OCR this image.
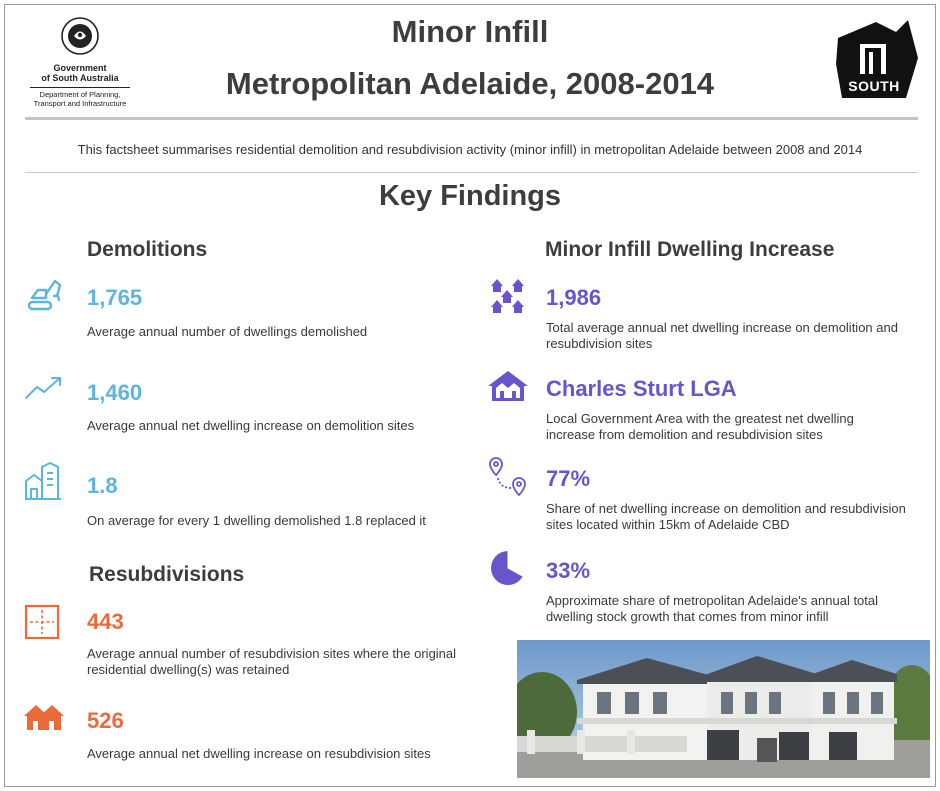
Government
of South Australia
Department of Planning,
Transport and Infrastructure
Minor Infill
Metropolitan Adelaide, 2008-2014	SOUTH
AUSTRALIA
This factsheet summarises residential demolition and resubdivision activity (minor infill) in metropolitan Adelaide between 2008 and 2014
Key Findings
Demolitions
1,765
Average annual number of dwellings demolished
1,460
Average annual net dwelling increase on demolition sites
1.8
On average for every 1 dwelling demolished 1.8 replaced it
Resubdivisions
443
Average annual number of resubdivision sites where the original
residential dwelling(s) was retained
526
Average annual net dwelling increase on resubdivision sites
Minor Infill Dwelling Increase
1,986
Total average annual net dwelling increase on demolition and
resubdivision sites
Charles Sturt LGA
Local Government Area with the greatest net dwelling
increase from demolition and resubdivision sites
77%
Share of net dwelling increase on demolition and resubdivision
sites located within 15km of Adelaide CBD
33%
Approximate share of metropolitan Adelaide's annual total
dwelling stock growth that comes from minor infill
